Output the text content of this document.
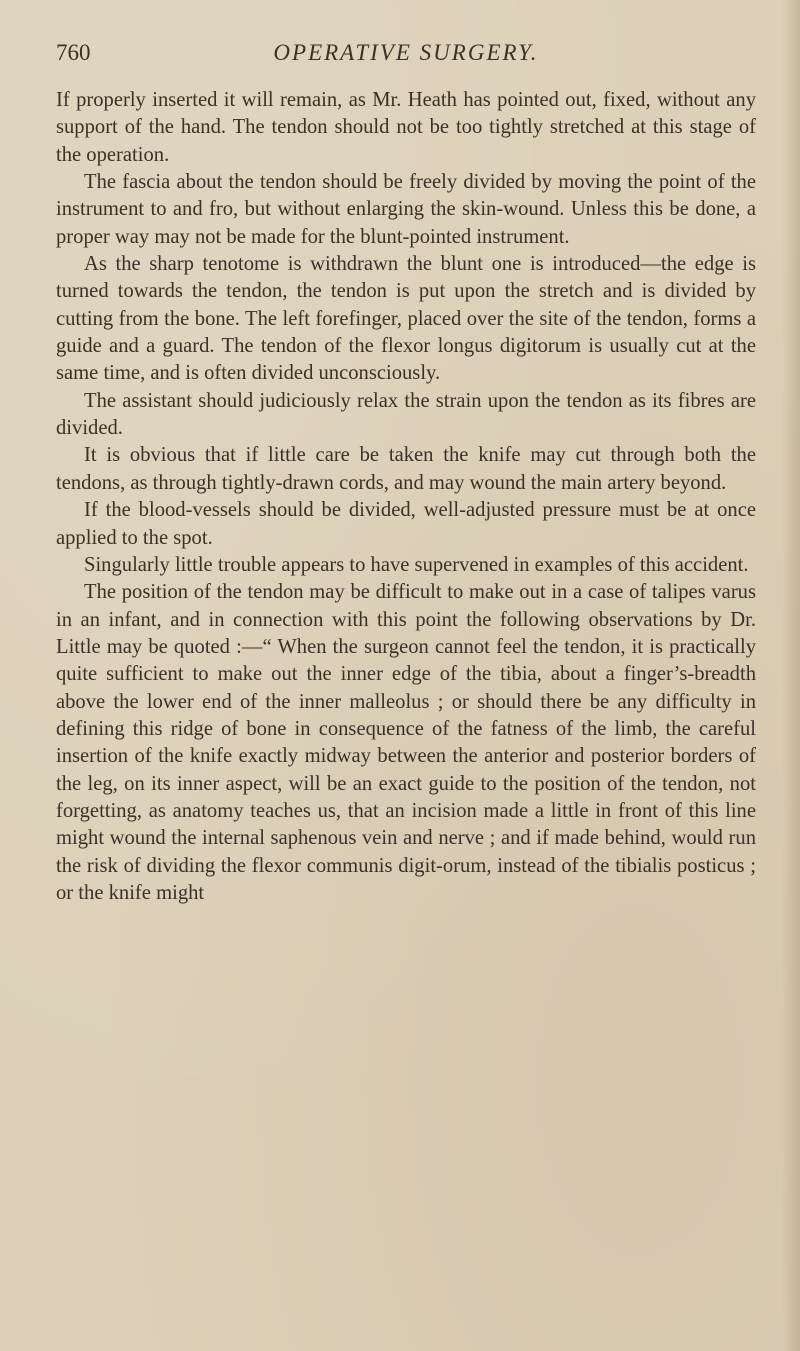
760	OPERATIVE SURGERY.

If properly inserted it will remain, as Mr. Heath has pointed out, fixed, without any support of the hand. The tendon should not be too tightly stretched at this stage of the operation.

The fascia about the tendon should be freely divided by moving the point of the instrument to and fro, but without enlarging the skin-wound. Unless this be done, a proper way may not be made for the blunt-pointed instrument.

As the sharp tenotome is withdrawn the blunt one is introduced—the edge is turned towards the tendon, the tendon is put upon the stretch and is divided by cutting from the bone. The left forefinger, placed over the site of the tendon, forms a guide and a guard. The tendon of the flexor longus digitorum is usually cut at the same time, and is often divided unconsciously.

The assistant should judiciously relax the strain upon the tendon as its fibres are divided.

It is obvious that if little care be taken the knife may cut through both the tendons, as through tightly-drawn cords, and may wound the main artery beyond.

If the blood-vessels should be divided, well-adjusted pressure must be at once applied to the spot.

Singularly little trouble appears to have supervened in examples of this accident.

The position of the tendon may be difficult to make out in a case of talipes varus in an infant, and in connection with this point the following observations by Dr. Little may be quoted :—“ When the surgeon cannot feel the tendon, it is practically quite sufficient to make out the inner edge of the tibia, about a finger’s-breadth above the lower end of the inner malleolus ; or should there be any difficulty in defining this ridge of bone in consequence of the fatness of the limb, the careful insertion of the knife exactly midway between the anterior and posterior borders of the leg, on its inner aspect, will be an exact guide to the position of the tendon, not forgetting, as anatomy teaches us, that an incision made a little in front of this line might wound the internal saphenous vein and nerve ; and if made behind, would run the risk of dividing the flexor communis digit-orum, instead of the tibialis posticus ; or the knife might
